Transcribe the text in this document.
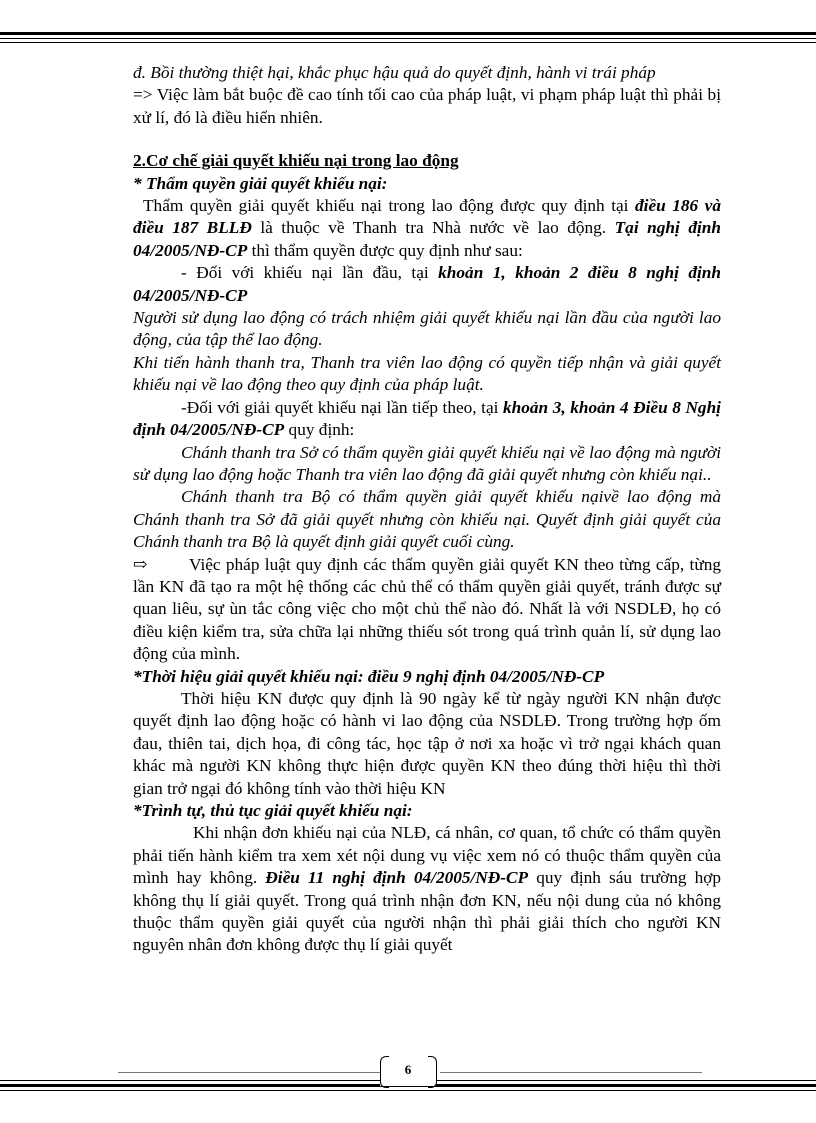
đ. Bồi thường thiệt hại, khắc phục hậu quả do quyết định, hành vi trái pháp

=> Việc làm bắt buộc đề cao tính tối cao của pháp luật, vi phạm pháp luật thì phải bị xử lí, đó là điều hiển nhiên.

2.Cơ chế giải quyết khiếu nại trong lao động

* Thẩm quyền giải quyết khiếu nại:

Thẩm quyền giải quyết khiếu nại trong lao động được quy định tại điều 186 và điều 187 BLLĐ là thuộc về Thanh tra Nhà nước về lao động. Tại nghị định 04/2005/NĐ-CP thì thẩm quyền được quy định như sau:

- Đối với khiếu nại lần đầu, tại khoản 1, khoản 2 điều 8 nghị định 04/2005/NĐ-CP

Người sử dụng lao động có trách nhiệm giải quyết khiếu nại lần đầu của người lao động, của tập thể lao động.

Khi tiến hành thanh tra, Thanh tra viên lao động có quyền tiếp nhận và giải quyết khiếu nại về lao động theo quy định của pháp luật.

-Đối với giải quyết khiếu nại lần tiếp theo, tại khoản 3, khoản 4 Điều 8 Nghị định 04/2005/NĐ-CP quy định:

Chánh thanh tra Sở có thẩm quyền giải quyết khiếu nại về lao động mà người sử dụng lao động hoặc Thanh tra viên lao động đã giải quyết nhưng còn khiếu nại..

Chánh thanh tra Bộ có thẩm quyền giải quyết khiếu nạivề lao động mà Chánh thanh tra Sở đã giải quyết nhưng còn khiếu nại. Quyết định giải quyết của Chánh thanh tra Bộ là quyết định giải quyết cuối cùng.

⇨ Việc pháp luật quy định các thẩm quyền giải quyết KN theo từng cấp, từng lần KN đã tạo ra một hệ thống các chủ thể có thẩm quyền giải quyết, tránh được sự quan liêu, sự ùn tắc công việc cho một chủ thể nào đó. Nhất là với NSDLĐ, họ có điều kiện kiểm tra, sửa chữa lại những thiếu sót trong quá trình quản lí, sử dụng lao động của mình.

*Thời hiệu giải quyết khiếu nại: điều 9 nghị định 04/2005/NĐ-CP

Thời hiệu KN được quy định là 90 ngày kể từ ngày người KN nhận được quyết định lao động hoặc có hành vi lao động của NSDLĐ. Trong trường hợp ốm đau, thiên tai, dịch họa, đi công tác, học tập ở nơi xa hoặc vì trở ngại khách quan khác mà người KN không thực hiện được quyền KN theo đúng thời hiệu thì thời gian trở ngại đó không tính vào thời hiệu KN

*Trình tự, thủ tục giải quyết khiếu nại:

Khi nhận đơn khiếu nại của NLĐ, cá nhân, cơ quan, tổ chức có thẩm quyền phải tiến hành kiểm tra xem xét nội dung vụ việc xem nó có thuộc thẩm quyền của mình hay không. Điều 11 nghị định 04/2005/NĐ-CP quy định sáu trường hợp không thụ lí giải quyết. Trong quá trình nhận đơn KN, nếu nội dung của nó không thuộc thẩm quyền giải quyết của người nhận thì phải giải thích cho người KN nguyên nhân đơn không được thụ lí giải quyết

6
